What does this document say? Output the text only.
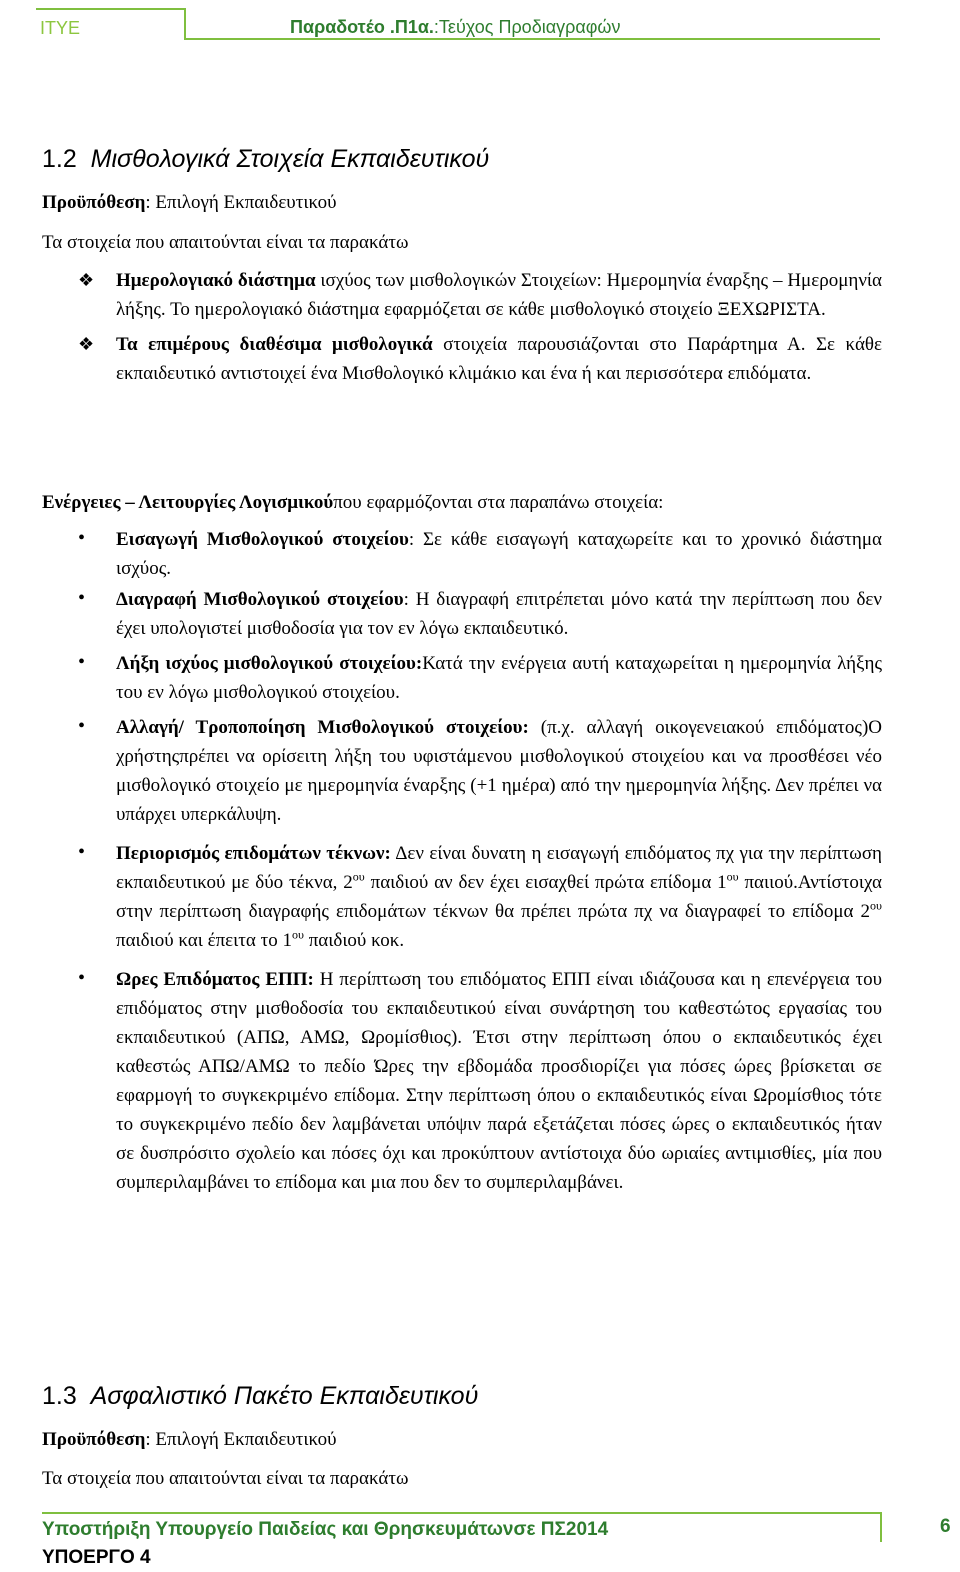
ΙΤΥΕ	Παραδοτέο .Π1α.:Τεύχος Προδιαγραφών
1.2 Μισθολογικά Στοιχεία Εκπαιδευτικού
Προϋπόθεση: Επιλογή Εκπαιδευτικού
Τα στοιχεία που απαιτούνται είναι τα παρακάτω
❖ Ημερολογιακό διάστημα ισχύος των μισθολογικών Στοιχείων: Ημερομηνία έναρξης – Ημερομηνία λήξης. Το ημερολογιακό διάστημα εφαρμόζεται σε κάθε μισθολογικό στοιχείο ΞΕΧΩΡΙΣΤΑ.
❖ Τα επιμέρους διαθέσιμα μισθολογικά στοιχεία παρουσιάζονται στο Παράρτημα Α. Σε κάθε εκπαιδευτικό αντιστοιχεί ένα Μισθολογικό κλιμάκιο και ένα ή και περισσότερα επιδόματα.
Ενέργειες – Λειτουργίες Λογισμικούπου εφαρμόζονται στα παραπάνω στοιχεία:
• Εισαγωγή Μισθολογικού στοιχείου: Σε κάθε εισαγωγή καταχωρείτε και το χρονικό διάστημα ισχύος.
• Διαγραφή Μισθολογικού στοιχείου: Η διαγραφή επιτρέπεται μόνο κατά την περίπτωση που δεν έχει υπολογιστεί μισθοδοσία για τον εν λόγω εκπαιδευτικό.
• Λήξη ισχύος μισθολογικού στοιχείου:Κατά την ενέργεια αυτή καταχωρείται η ημερομηνία λήξης του εν λόγω μισθολογικού στοιχείου.
• Αλλαγή/ Τροποποίηση Μισθολογικού στοιχείου: (π.χ. αλλαγή οικογενειακού επιδόματος)Ο χρήστηςπρέπει να ορίσειτη λήξη του υφιστάμενου μισθολογικού στοιχείου και να προσθέσει νέο μισθολογικό στοιχείο με ημερομηνία έναρξης (+1 ημέρα) από την ημερομηνία λήξης. Δεν πρέπει να υπάρχει υπερκάλυψη.
• Περιορισμός επιδομάτων τέκνων: Δεν είναι δυνατη η εισαγωγή επιδόματος πχ για την περίπτωση εκπαιδευτικού με δύο τέκνα, $2^{o\upsilon}$ παιδιού αν δεν έχει εισαχθεί πρώτα επίδομα $1^{o\upsilon}$ παιιού.Αντίστοιχα στην περίπτωση διαγραφής επιδομάτων τέκνων θα πρέπει πρώτα πχ να διαγραφεί το επίδομα $2^{o\upsilon}$ παιδιού και έπειτα το $1^{o\upsilon}$ παιδιού κοκ.
• Ωρες Επιδόματος ΕΠΠ: Η περίπτωση του επιδόματος ΕΠΠ είναι ιδιάζουσα και η επενέργεια του επιδόματος στην μισθοδοσία του εκπαιδευτικού είναι συνάρτηση του καθεστώτος εργασίας του εκπαιδευτικού (ΑΠΩ, ΑΜΩ, Ωρομίσθιος). Έτσι στην περίπτωση όπου ο εκπαιδευτικός έχει καθεστώς ΑΠΩ/ΑΜΩ το πεδίο Ώρες την εβδομάδα προσδιορίζει για πόσες ώρες βρίσκεται σε εφαρμογή το συγκεκριμένο επίδομα. Στην περίπτωση όπου ο εκπαιδευτικός είναι Ωρομίσθιος τότε το συγκεκριμένο πεδίο δεν λαμβάνεται υπόψιν παρά εξετάζεται πόσες ώρες ο εκπαιδευτικός ήταν σε δυσπρόσιτο σχολείο και πόσες όχι και προκύπτουν αντίστοιχα δύο ωριαίες αντιμισθίες, μία που συμπεριλαμβάνει το επίδομα και μια που δεν το συμπεριλαμβάνει.
1.3 Ασφαλιστικό Πακέτο Εκπαιδευτικού
Προϋπόθεση: Επιλογή Εκπαιδευτικού
Τα στοιχεία που απαιτούνται είναι τα παρακάτω
Υποστήριξη Υπουργείο Παιδείας και Θρησκευμάτωνσε ΠΣ2014
ΥΠΟΕΡΓΟ 4
6
